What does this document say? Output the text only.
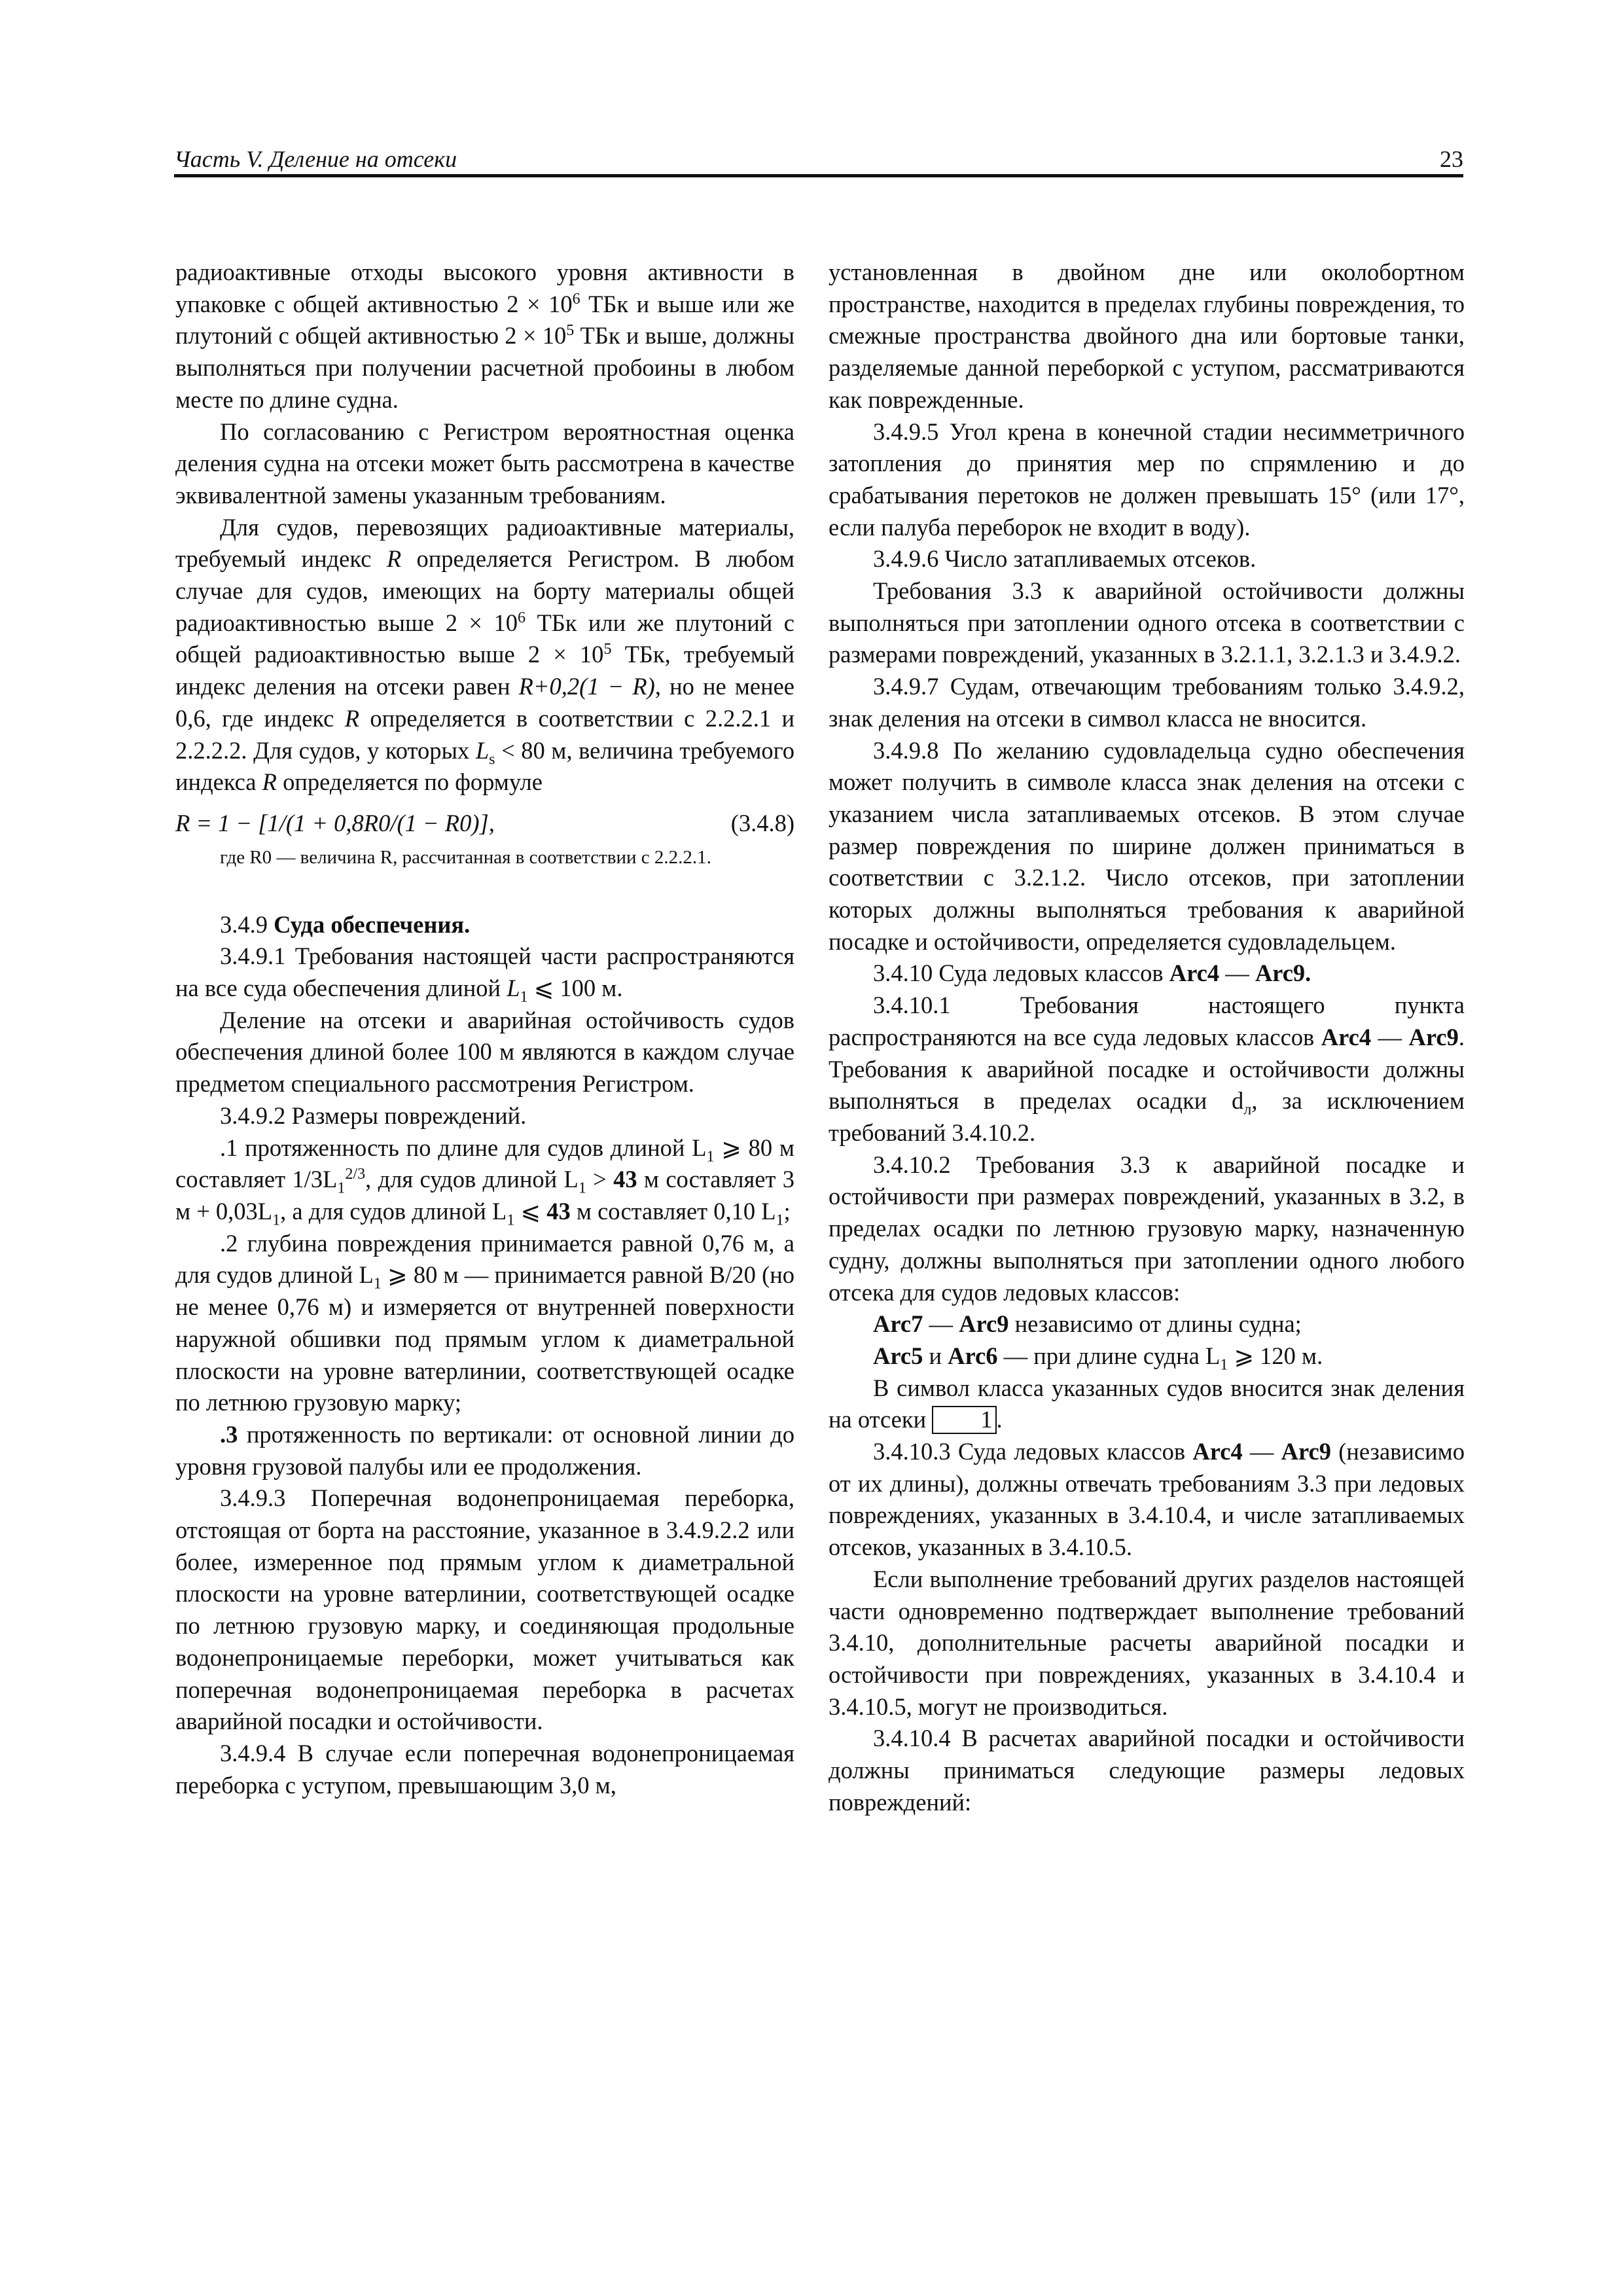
Часть V. Деление на отсеки	23

радиоактивные отходы высокого уровня активности в упаковке с общей активностью $2 \times 10^6$ ТБк и выше или же плутоний с общей активностью $2 \times 10^5$ ТБк и выше, должны выполняться при получении расчетной пробоины в любом месте по длине судна.

По согласованию с Регистром вероятностная оценка деления судна на отсеки может быть рассмотрена в качестве эквивалентной замены указанным требованиям.

Для судов, перевозящих радиоактивные материалы, требуемый индекс R определяется Регистром. В любом случае для судов, имеющих на борту материалы общей радиоактивностью выше $2 \times 10^6$ ТБк или же плутоний с общей радиоактивностью выше $2 \times 10^5$ ТБк, требуемый индекс деления на отсеки равен R+0,2(1 − R), но не менее 0,6, где индекс R определяется в соответствии с 2.2.2.1 и 2.2.2.2. Для судов, у которых $L_s < 80$ м, величина требуемого индекса R определяется по формуле

R = 1 − [1/(1 + 0,8R0/(1 − R0)],	(3.4.8)

где R0 — величина R, рассчитанная в соответствии с 2.2.2.1.

3.4.9 Суда обеспечения.

3.4.9.1 Требования настоящей части распространяются на все суда обеспечения длиной $L_1$ ⩽ 100 м.

Деление на отсеки и аварийная остойчивость судов обеспечения длиной более 100 м являются в каждом случае предметом специального рассмотрения Регистром.

3.4.9.2 Размеры повреждений.

.1 протяженность по длине для судов длиной $L_1$ ⩾ 80 м составляет $1/3L_1^{2/3}$, для судов длиной $L_1 > 43$ м составляет 3 $м + 0,03L_1$, а для судов длиной $L_1$ ⩽ 43 м составляет 0,10 $L_1$;

.2 глубина повреждения принимается равной 0,76 м, а для судов длиной $L_1$ ⩾ 80 м — принимается равной B/20 (но не менее 0,76 м) и измеряется от внутренней поверхности наружной обшивки под прямым углом к диаметральной плоскости на уровне ватерлинии, соответствующей осадке по летнюю грузовую марку;

.3 протяженность по вертикали: от основной линии до уровня грузовой палубы или ее продолжения.

3.4.9.3 Поперечная водонепроницаемая переборка, отстоящая от борта на расстояние, указанное в 3.4.9.2.2 или более, измеренное под прямым углом к диаметральной плоскости на уровне ватерлинии, соответствующей осадке по летнюю грузовую марку, и соединяющая продольные водонепроницаемые переборки, может учитываться как поперечная водонепроницаемая переборка в расчетах аварийной посадки и остойчивости.

3.4.9.4 В случае если поперечная водонепроницаемая переборка с уступом, превышающим 3,0 м,

установленная в двойном дне или околобортном пространстве, находится в пределах глубины повреждения, то смежные пространства двойного дна или бортовые танки, разделяемые данной переборкой с уступом, рассматриваются как поврежденные.

3.4.9.5 Угол крена в конечной стадии несимметричного затопления до принятия мер по спрямлению и до срабатывания перетоков не должен превышать 15° (или 17°, если палуба переборок не входит в воду).

3.4.9.6 Число затапливаемых отсеков.

Требования 3.3 к аварийной остойчивости должны выполняться при затоплении одного отсека в соответствии с размерами повреждений, указанных в 3.2.1.1, 3.2.1.3 и 3.4.9.2.

3.4.9.7 Судам, отвечающим требованиям только 3.4.9.2, знак деления на отсеки в символ класса не вносится.

3.4.9.8 По желанию судовладельца судно обеспечения может получить в символе класса знак деления на отсеки с указанием числа затапливаемых отсеков. В этом случае размер повреждения по ширине должен приниматься в соответствии с 3.2.1.2. Число отсеков, при затоплении которых должны выполняться требования к аварийной посадке и остойчивости, определяется судовладельцем.

3.4.10 Суда ледовых классов Arc4 — Arc9.

3.4.10.1 Требования настоящего пункта распространяются на все суда ледовых классов Arc4 — Arc9. Требования к аварийной посадке и остойчивости должны выполняться в пределах осадки $d_л$, за исключением требований 3.4.10.2.

3.4.10.2 Требования 3.3 к аварийной посадке и остойчивости при размерах повреждений, указанных в 3.2, в пределах осадки по летнюю грузовую марку, назначенную судну, должны выполняться при затоплении одного любого отсека для судов ледовых классов:

Arc7 — Arc9 независимо от длины судна;

Arc5 и Arc6 — при длине судна $L_1$ ⩾ 120 м.

В символ класса указанных судов вносится знак деления на отсеки 1 .

3.4.10.3 Суда ледовых классов Arc4 — Arc9 (независимо от их длины), должны отвечать требованиям 3.3 при ледовых повреждениях, указанных в 3.4.10.4, и числе затапливаемых отсеков, указанных в 3.4.10.5.

Если выполнение требований других разделов настоящей части одновременно подтверждает выполнение требований 3.4.10, дополнительные расчеты аварийной посадки и остойчивости при повреждениях, указанных в 3.4.10.4 и 3.4.10.5, могут не производиться.

3.4.10.4 В расчетах аварийной посадки и остойчивости должны приниматься следующие размеры ледовых повреждений:
